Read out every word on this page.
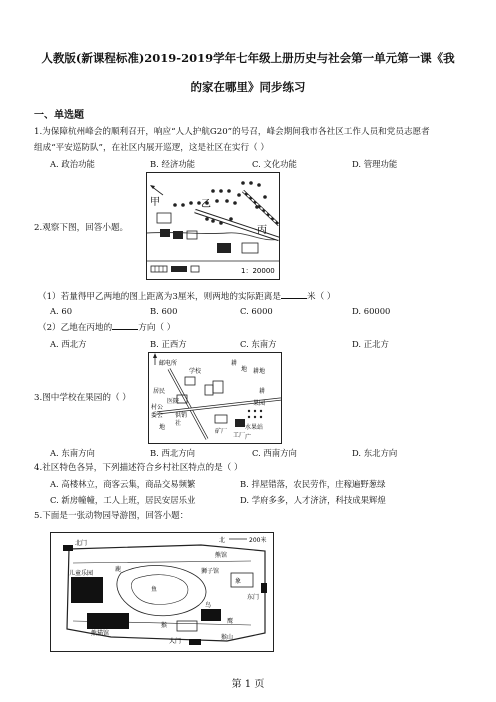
人教版(新课程标准)2019-2019学年七年级上册历史与社会第一单元第一课《我
的家在哪里》同步练习
一、单选题
1.为保障杭州峰会的顺利召开，响应“人人护航G20”的号召，峰会期间我市各社区工作人员和党员志愿者
组成“平安巡防队”，在社区内展开巡逻，这是社区在实行（ ）
A. 政治功能	B. 经济功能	C. 文化功能	D. 管理功能
2.观察下图，回答小题。
甲	乙
丙
1：20000
（1）若量得甲乙两地的图上距离为3厘米，则两地的实际距离是	米（ ）
A. 60	B. 600	C. 6000	D. 60000
（2）乙地在丙地的	方向（ ）
A. 西北方	B. 正西方	C. 东南方	D. 正北方
3.图中学校在果园的（ ）
邮电所
学校
耕
地 耕地
居民
村公
委会
医院
供销
社
地
工厂
果园
水果站
耕
矿厂
广
A. 东南方向	B. 西北方向	C. 西南方向	D. 东北方向
4.社区特色各异，下列描述符合乡村社区特点的是（ ）
A. 高楼林立，商客云集，商品交易频繁	B. 拌屋错落，农民劳作，庄稼遍野葱绿
C. 新房幢幢，工人上班，居民安居乐业	D. 学府多多，人才济济，科技成果辉煌
5.下面是一张动物园导游图，回答小题：
北门
儿童乐园
鹿
鱼
狮子馆
熊猫馆
象
熊馆
鸟
东门
鹰
大门
猴
猴山
200米
北
第 1 页
